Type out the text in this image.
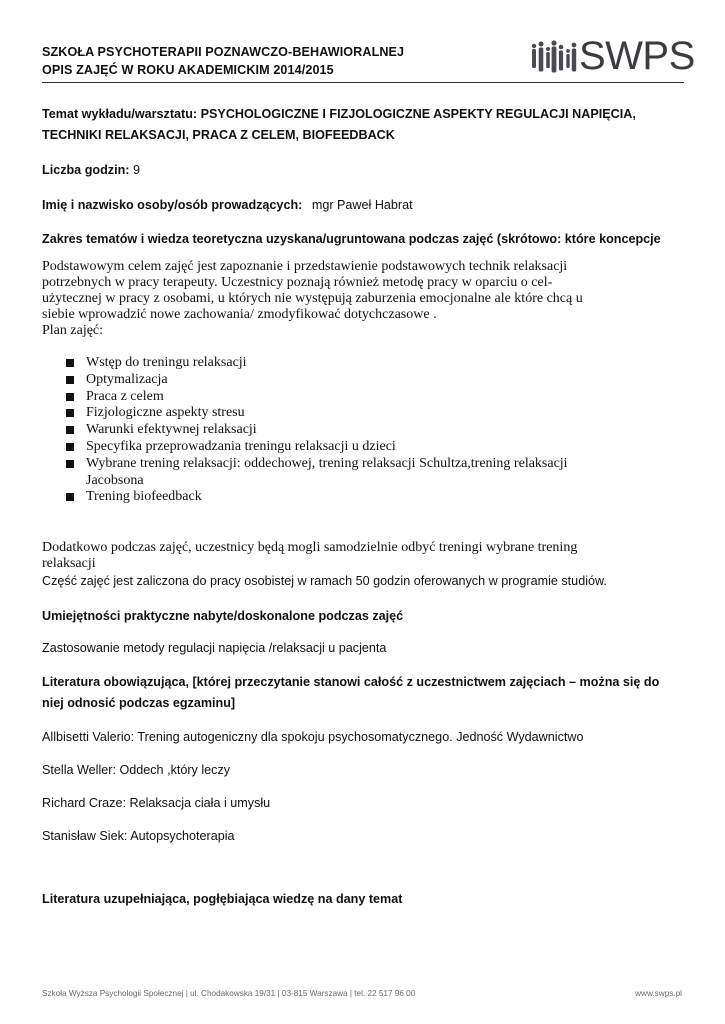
SZKOŁA PSYCHOTERAPII POZNAWCZO-BEHAWIORALNEJ
OPIS ZAJĘĆ W ROKU AKADEMICKIM 2014/2015	SWPS

Temat wykładu/warsztatu: PSYCHOLOGICZNE I FIZJOLOGICZNE ASPEKTY REGULACJI NAPIĘCIA,

TECHNIKI RELAKSACJI, PRACA Z CELEM, BIOFEEDBACK

Liczba godzin: 9

Imię i nazwisko osoby/osób prowadzących: mgr Paweł Habrat

Zakres tematów i wiedza teoretyczna uzyskana/ugruntowana podczas zajęć (skrótowo: które koncepcje

Podstawowym celem zajęć jest zapoznanie i przedstawienie podstawowych technik relaksacji
potrzebnych w pracy terapeuty. Uczestnicy poznają również metodę pracy w oparciu o cel-
użytecznej w pracy z osobami, u których nie występują zaburzenia emocjonalne ale które chcą u
siebie wprowadzić nowe zachowania/ zmodyfikować dotychczasowe .
Plan zajęć:
Wstęp do treningu relaksacji
Optymalizacja
Praca z celem
Fizjologiczne aspekty stresu
Warunki efektywnej relaksacji
Specyfika przeprowadzania treningu relaksacji u dzieci
Wybrane trening relaksacji: oddechowej, trening relaksacji Schultza,trening relaksacji
Jacobsona
Trening biofeedback
Dodatkowo podczas zajęć, uczestnicy będą mogli samodzielnie odbyć treningi wybrane trening
relaksacji

Część zajęć jest zaliczona do pracy osobistej w ramach 50 godzin oferowanych w programie studiów.

Umiejętności praktyczne nabyte/doskonalone podczas zajęć

Zastosowanie metody regulacji napięcia /relaksacji u pacjenta

Literatura obowiązująca, [której przeczytanie stanowi całość z uczestnictwem zajęciach – można się do

niej odnosić podczas egzaminu]

Allbisetti Valerio: Trening autogeniczny dla spokoju psychosomatycznego. Jedność Wydawnictwo

Stella Weller: Oddech ,który leczy

Richard Craze: Relaksacja ciała i umysłu

Stanisław Siek: Autopsychoterapia

Literatura uzupełniająca, pogłębiająca wiedzę na dany temat

Szkoła Wyższa Psychologii Społecznej | ul. Chodakowska 19/31 | 03-815 Warszawa | tel. 22 517 96 00	www.swps.pl
